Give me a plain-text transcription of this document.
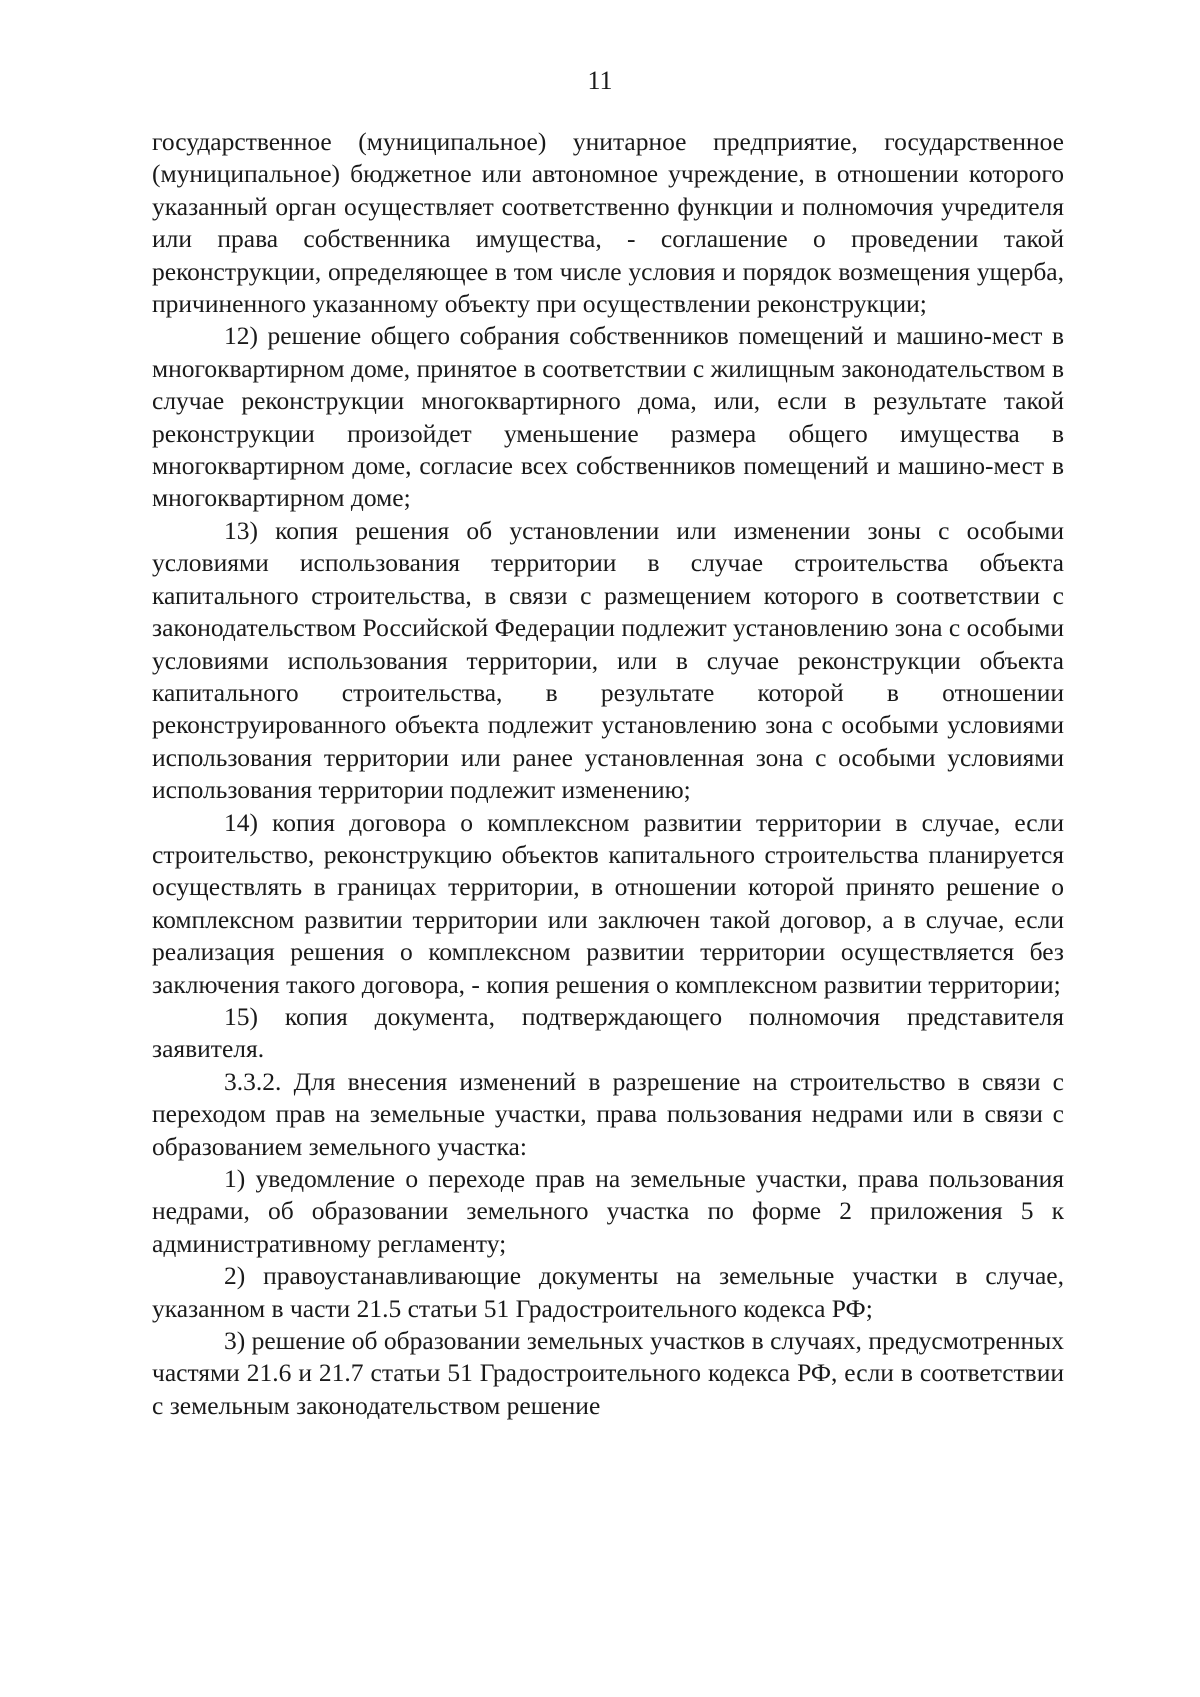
11

государственное (муниципальное) унитарное предприятие, государственное (муниципальное) бюджетное или автономное учреждение, в отношении которого указанный орган осуществляет соответственно функции и полномочия учредителя или права собственника имущества, - соглашение о проведении такой реконструкции, определяющее в том числе условия и порядок возмещения ущерба, причиненного указанному объекту при осуществлении реконструкции;

12) решение общего собрания собственников помещений и машино-мест в многоквартирном доме, принятое в соответствии с жилищным законодательством в случае реконструкции многоквартирного дома, или, если в результате такой реконструкции произойдет уменьшение размера общего имущества в многоквартирном доме, согласие всех собственников помещений и машино-мест в многоквартирном доме;

13) копия решения об установлении или изменении зоны с особыми условиями использования территории в случае строительства объекта капитального строительства, в связи с размещением которого в соответствии с законодательством Российской Федерации подлежит установлению зона с особыми условиями использования территории, или в случае реконструкции объекта капитального строительства, в результате которой в отношении реконструированного объекта подлежит установлению зона с особыми условиями использования территории или ранее установленная зона с особыми условиями использования территории подлежит изменению;

14) копия договора о комплексном развитии территории в случае, если строительство, реконструкцию объектов капитального строительства планируется осуществлять в границах территории, в отношении которой принято решение о комплексном развитии территории или заключен такой договор, а в случае, если реализация решения о комплексном развитии территории осуществляется без заключения такого договора, - копия решения о комплексном развитии территории;

15) копия документа, подтверждающего полномочия представителя заявителя.

3.3.2. Для внесения изменений в разрешение на строительство в связи с переходом прав на земельные участки, права пользования недрами или в связи с образованием земельного участка:

1) уведомление о переходе прав на земельные участки, права пользования недрами, об образовании земельного участка по форме 2 приложения 5 к административному регламенту;

2) правоустанавливающие документы на земельные участки в случае, указанном в части 21.5 статьи 51 Градостроительного кодекса РФ;

3) решение об образовании земельных участков в случаях, предусмотренных частями 21.6 и 21.7 статьи 51 Градостроительного кодекса РФ, если в соответствии с земельным законодательством решение
